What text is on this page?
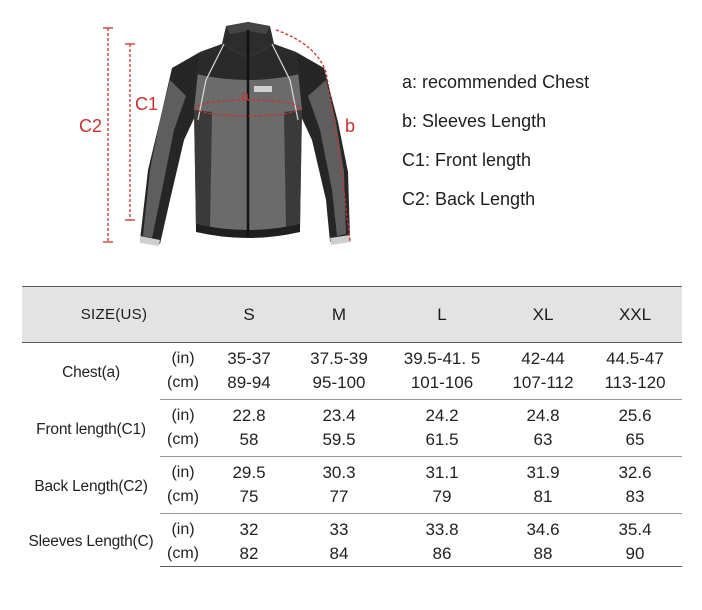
C2
C1	a
b
a: recommended Chest
b: Sleeves Length
C1: Front length
C2: Back Length
SIZE(US)		S	M	L	XL	XXL
Chest(a)	(in)	35-37	37.5-39	39.5-41. 5	42-44	44.5-47
	(cm)	89-94	95-100	101-106	107-112	113-120
Front length(C1)	(in)	22.8	23.4	24.2	24.8	25.6
	(cm)	58	59.5	61.5	63	65
Back Length(C2)	(in)	29.5	30.3	31.1	31.9	32.6
	(cm)	75	77	79	81	83
Sleeves Length(C)	(in)	32	33	33.8	34.6	35.4
	(cm)	82	84	86	88	90
